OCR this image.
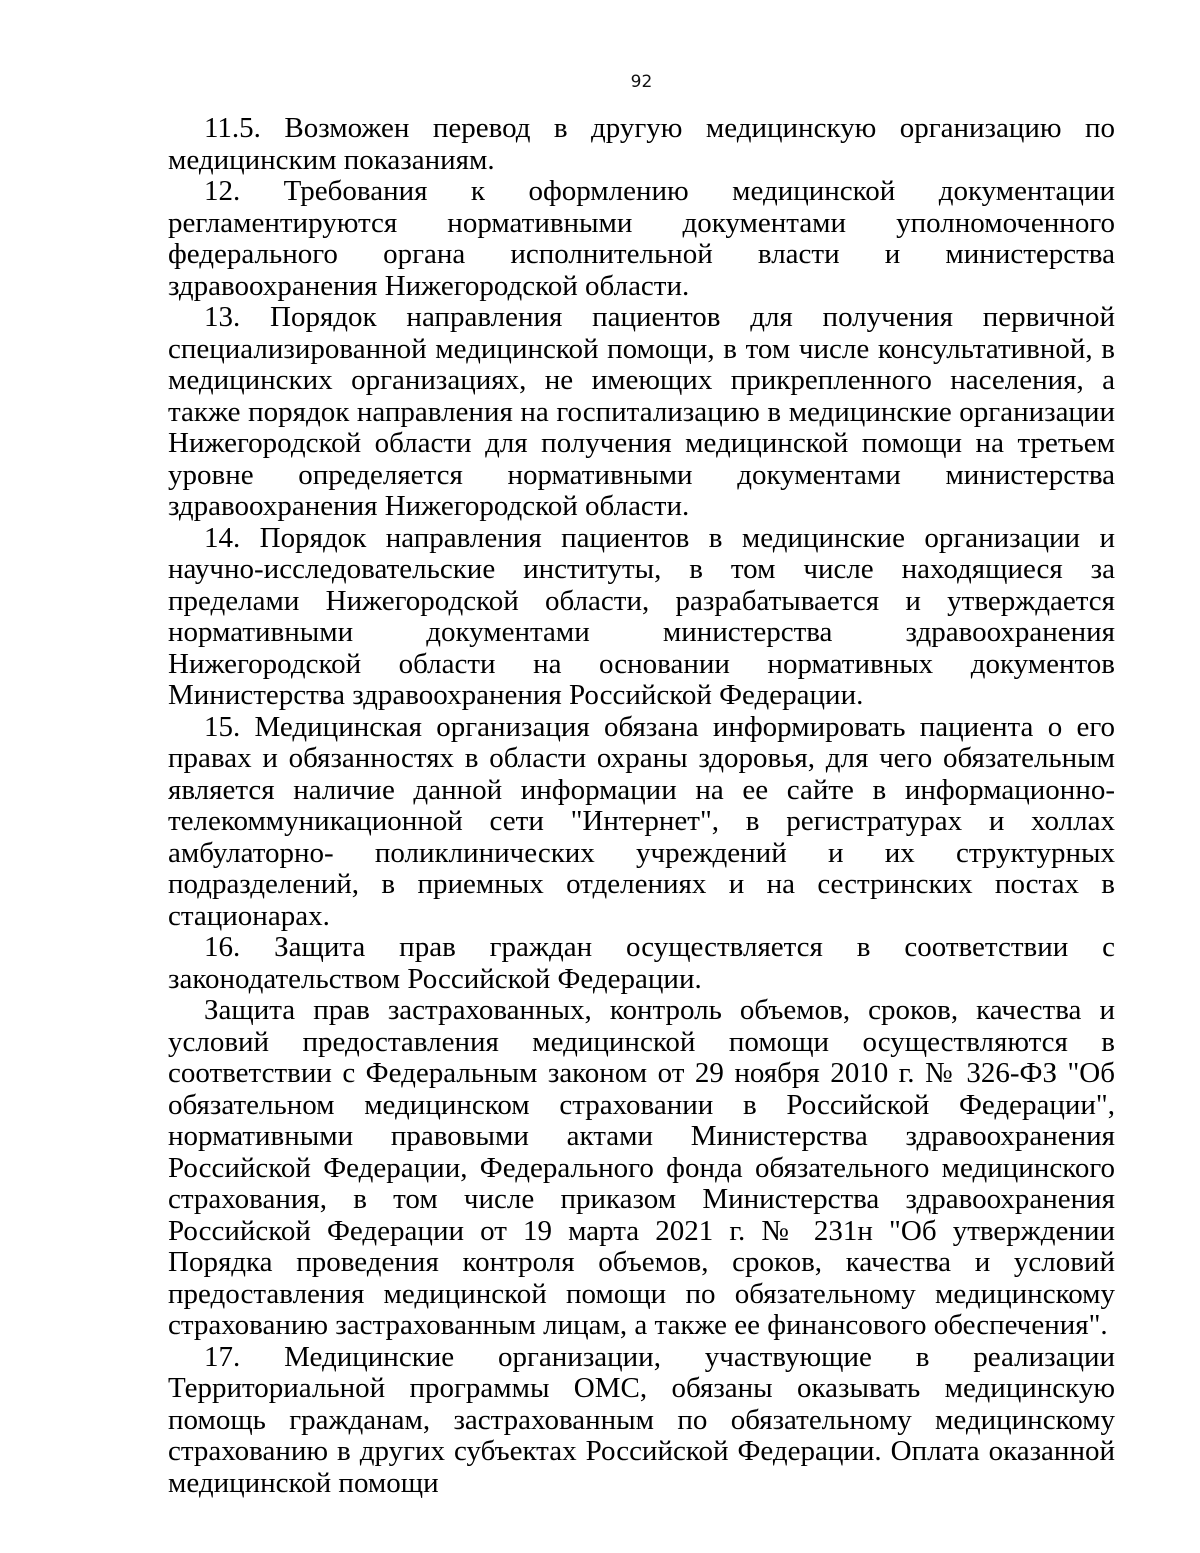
92

11.5. Возможен перевод в другую медицинскую организацию по медицинским показаниям.

12. Требования к оформлению медицинской документации регламентируются нормативными документами уполномоченного федерального органа исполнительной власти и министерства здравоохранения Нижегородской области.

13. Порядок направления пациентов для получения первичной специализированной медицинской помощи, в том числе консультативной, в медицинских организациях, не имеющих прикрепленного населения, а также порядок направления на госпитализацию в медицинские организации Нижегородской области для получения медицинской помощи на третьем уровне определяется нормативными документами министерства здравоохранения Нижегородской области.

14. Порядок направления пациентов в медицинские организации и научно-исследовательские институты, в том числе находящиеся за пределами Нижегородской области, разрабатывается и утверждается нормативными документами министерства здравоохранения Нижегородской области на основании нормативных документов Министерства здравоохранения Российской Федерации.

15. Медицинская организация обязана информировать пациента о его правах и обязанностях в области охраны здоровья, для чего обязательным является наличие данной информации на ее сайте в информационно-телекоммуникационной сети "Интернет", в регистратурах и холлах амбулаторно- поликлинических учреждений и их структурных подразделений, в приемных отделениях и на сестринских постах в стационарах.

16. Защита прав граждан осуществляется в соответствии с законодательством Российской Федерации.

Защита прав застрахованных, контроль объемов, сроков, качества и условий предоставления медицинской помощи осуществляются в соответствии с Федеральным законом от 29 ноября 2010 г. № 326-ФЗ "Об обязательном медицинском страховании в Российской Федерации", нормативными правовыми актами Министерства здравоохранения Российской Федерации, Федерального фонда обязательного медицинского страхования, в том числе приказом Министерства здравоохранения Российской Федерации от 19 марта 2021 г. № 231н "Об утверждении Порядка проведения контроля объемов, сроков, качества и условий предоставления медицинской помощи по обязательному медицинскому страхованию застрахованным лицам, а также ее финансового обеспечения".

17. Медицинские организации, участвующие в реализации Территориальной программы ОМС, обязаны оказывать медицинскую помощь гражданам, застрахованным по обязательному медицинскому страхованию в других субъектах Российской Федерации. Оплата оказанной медицинской помощи
